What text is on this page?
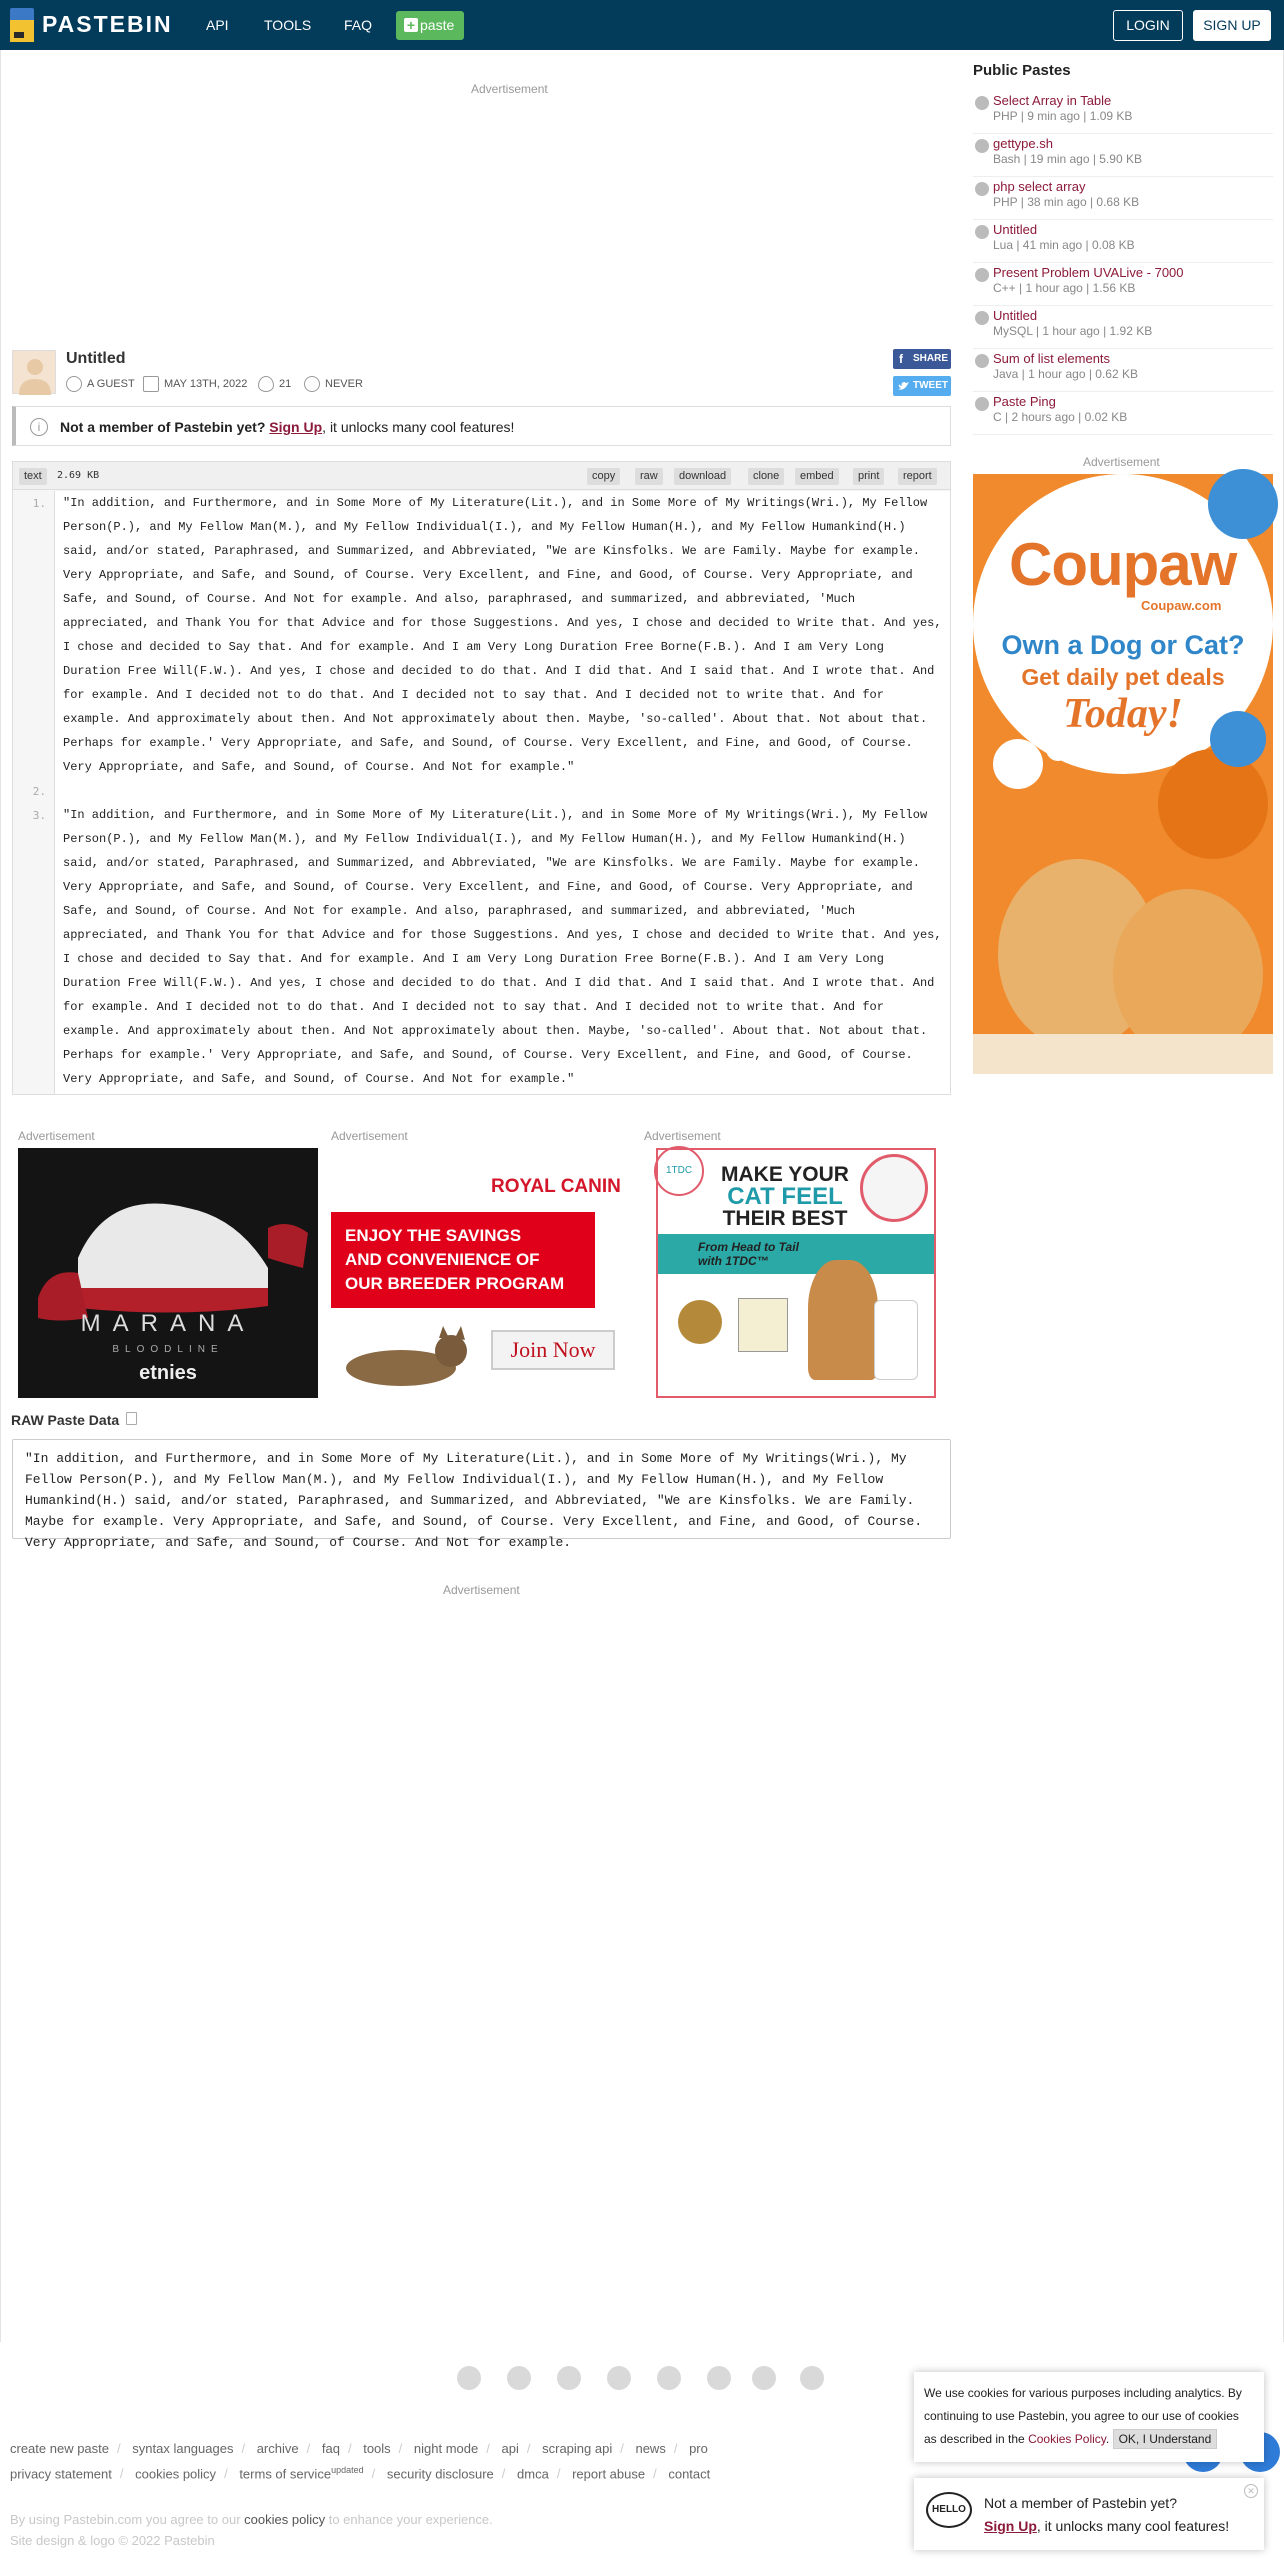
PASTEBIN API	TOOLS FAQ + paste	LOGIN	SIGN UP
Advertisement
Untitled
A GUEST	MAY 13TH, 2022	21	NEVER
f SHARE
TWEET
i	Not a member of Pastebin yet? Sign Up, it unlocks many cool features!
text	2.69 KB	copy	raw	download	clone	embed	print	report
1.
2.
3.
"In addition, and Furthermore, and in Some More of My Literature(Lit.), and in Some More of My Writings(Wri.), My Fellow Person(P.), and My Fellow Man(M.), and My Fellow Individual(I.), and My Fellow Human(H.), and My Fellow Humankind(H.) said, and/or stated, Paraphrased, and Summarized, and Abbreviated, "We are Kinsfolks. We are Family. Maybe for example. Very Appropriate, and Safe, and Sound, of Course. Very Excellent, and Fine, and Good, of Course. Very Appropriate, and Safe, and Sound, of Course. And Not for example. And also, paraphrased, and summarized, and abbreviated, 'Much appreciated, and Thank You for that Advice and for those Suggestions. And yes, I chose and decided to Write that. And yes, I chose and decided to Say that. And for example. And I am Very Long Duration Free Borne(F.B.). And I am Very Long Duration Free Will(F.W.). And yes, I chose and decided to do that. And I did that. And I said that. And I wrote that. And for example. And I decided not to do that. And I decided not to say that. And I decided not to write that. And for example. And approximately about then. And Not approximately about then. Maybe, 'so-called'. About that. Not about that. Perhaps for example.' Very Appropriate, and Safe, and Sound, of Course. Very Excellent, and Fine, and Good, of Course. Very Appropriate, and Safe, and Sound, of Course. And Not for example."
"In addition, and Furthermore, and in Some More of My Literature(Lit.), and in Some More of My Writings(Wri.), My Fellow Person(P.), and My Fellow Man(M.), and My Fellow Individual(I.), and My Fellow Human(H.), and My Fellow Humankind(H.) said, and/or stated, Paraphrased, and Summarized, and Abbreviated, "We are Kinsfolks. We are Family. Maybe for example. Very Appropriate, and Safe, and Sound, of Course. Very Excellent, and Fine, and Good, of Course. Very Appropriate, and Safe, and Sound, of Course. And Not for example. And also, paraphrased, and summarized, and abbreviated, 'Much appreciated, and Thank You for that Advice and for those Suggestions. And yes, I chose and decided to Write that. And yes, I chose and decided to Say that. And for example. And I am Very Long Duration Free Borne(F.B.). And I am Very Long Duration Free Will(F.W.). And yes, I chose and decided to do that. And I did that. And I said that. And I wrote that. And for example. And I decided not to do that. And I decided not to say that. And I decided not to write that. And for example. And approximately about then. And Not approximately about then. Maybe, 'so-called'. About that. Not about that. Perhaps for example.' Very Appropriate, and Safe, and Sound, of Course. Very Excellent, and Fine, and Good, of Course. Very Appropriate, and Safe, and Sound, of Course. And Not for example."
Advertisement	Advertisement	Advertisement
MARANA
BLOODLINE
etnies
ROYAL CANIN
ENJOY THE SAVINGS
AND CONVENIENCE OF
OUR BREEDER PROGRAM
Join Now
1TDC	MAKE YOUR
CAT FEEL
THEIR BEST
From Head to Tail with 1TDC™
RAW Paste Data
"In addition, and Furthermore, and in Some More of My Literature(Lit.), and in Some More of My Writings(Wri.), My Fellow Person(P.), and My Fellow Man(M.), and My Fellow Individual(I.), and My Fellow Human(H.), and My Fellow Humankind(H.) said, and/or stated, Paraphrased, and Summarized, and Abbreviated, "We are Kinsfolks. We are Family. Maybe for example. Very Appropriate, and Safe, and Sound, of Course. Very Excellent, and Fine, and Good, of Course. Very Appropriate, and Safe, and Sound, of Course. And Not for example.
Advertisement
Public Pastes
Select Array in Table
PHP | 9 min ago | 1.09 KB
gettype.sh
Bash | 19 min ago | 5.90 KB
php select array
PHP | 38 min ago | 0.68 KB
Untitled
Lua | 41 min ago | 0.08 KB
Present Problem UVALive - 7000
C++ | 1 hour ago | 1.56 KB
Untitled
MySQL | 1 hour ago | 1.92 KB
Sum of list elements
Java | 1 hour ago | 0.62 KB
Paste Ping
C | 2 hours ago | 0.02 KB
Advertisement
Coupaw
Coupaw.com
Own a Dog or Cat?
Get daily pet deals
Today!
create new paste / syntax languages / archive / faq / tools / night mode / api / scraping api / news / pro
privacy statement / cookies policy / terms of service$^{updated}$ / security disclosure / dmca / report abuse / contact
By using Pastebin.com you agree to our cookies policy to enhance your experience.
Site design & logo © 2022 Pastebin
We use cookies for various purposes including analytics. By continuing to use Pastebin, you agree to our use of cookies as described in the Cookies Policy. OK, I Understand
HELLO	Not a member of Pastebin yet?
Sign Up, it unlocks many cool features!
✕
